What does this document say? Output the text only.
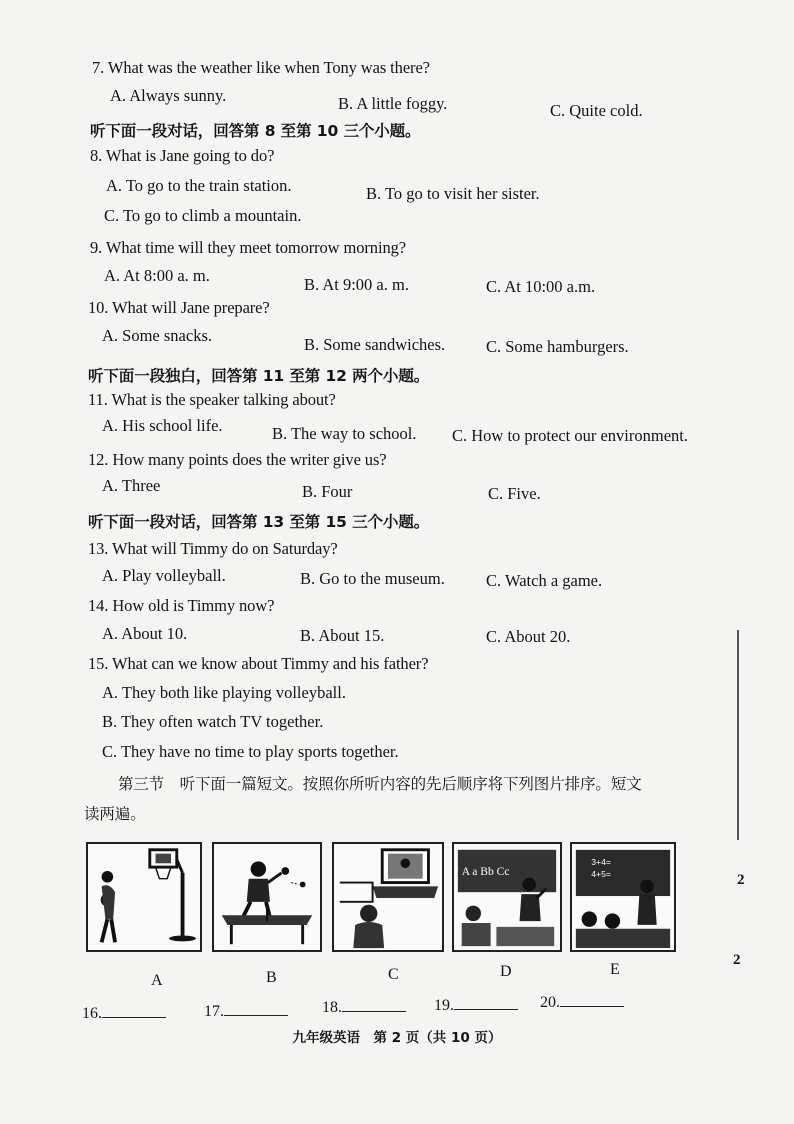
7. What was the weather like when Tony was there?
A. Always sunny.	B. A little foggy.	C. Quite cold.
听下面一段对话，回答第 8 至第 10 三个小题。
8. What is Jane going to do?
A. To go to the train station.	B. To go to visit her sister.
C. To go to climb a mountain.
9. What time will they meet tomorrow morning?
A. At 8:00 a. m.	B. At 9:00 a. m.	C. At 10:00 a.m.
10. What will Jane prepare?
A. Some snacks.	B. Some sandwiches. C. Some hamburgers.
听下面一段独白，回答第 11 至第 12 两个小题。
11. What is the speaker talking about?
A. His school life.	B. The way to school. C. How to protect our environment.
12. How many points does the writer give us?
A. Three	B. Four	C. Five.
听下面一段对话，回答第 13 至第 15 三个小题。
13. What will Timmy do on Saturday?
A. Play volleyball.	B. Go to the museum. C. Watch a game.
14. How old is Timmy now?
A. About 10.	B. About 15.	C. About 20.
15. What can we know about Timmy and his father?
A. They both like playing volleyball.
B. They often watch TV together.
C. They have no time to play sports together.
第三节　听下面一篇短文。按照你所听内容的先后顺序将下列图片排序。短文
读两遍。
A a Bb Cc
3+4=
4+5=
A	B	C	D	E
16.	17.	18.	19.	20.
九年级英语　第 2 页（共 10 页）
2
2
